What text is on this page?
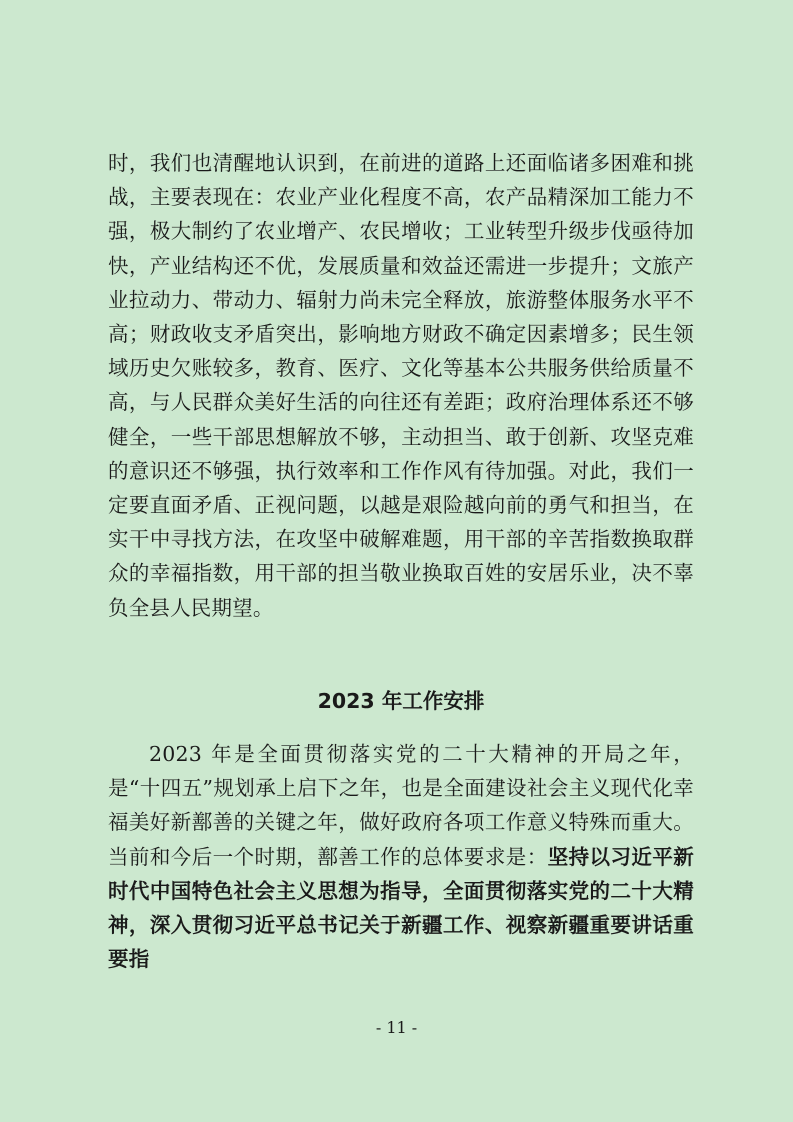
时，我们也清醒地认识到，在前进的道路上还面临诸多困难和挑战，主要表现在：农业产业化程度不高，农产品精深加工能力不强，极大制约了农业增产、农民增收；工业转型升级步伐亟待加快，产业结构还不优，发展质量和效益还需进一步提升；文旅产业拉动力、带动力、辐射力尚未完全释放，旅游整体服务水平不高；财政收支矛盾突出，影响地方财政不确定因素增多；民生领域历史欠账较多，教育、医疗、文化等基本公共服务供给质量不高，与人民群众美好生活的向往还有差距；政府治理体系还不够健全，一些干部思想解放不够，主动担当、敢于创新、攻坚克难的意识还不够强，执行效率和工作作风有待加强。对此，我们一定要直面矛盾、正视问题，以越是艰险越向前的勇气和担当，在实干中寻找方法，在攻坚中破解难题，用干部的辛苦指数换取群众的幸福指数，用干部的担当敬业换取百姓的安居乐业，决不辜负全县人民期望。

2023 年工作安排

2023 年是全面贯彻落实党的二十大精神的开局之年，是“十四五”规划承上启下之年，也是全面建设社会主义现代化幸福美好新鄯善的关键之年，做好政府各项工作意义特殊而重大。当前和今后一个时期，鄯善工作的总体要求是：坚持以习近平新时代中国特色社会主义思想为指导，全面贯彻落实党的二十大精神，深入贯彻习近平总书记关于新疆工作、视察新疆重要讲话重要指

- 11 -
